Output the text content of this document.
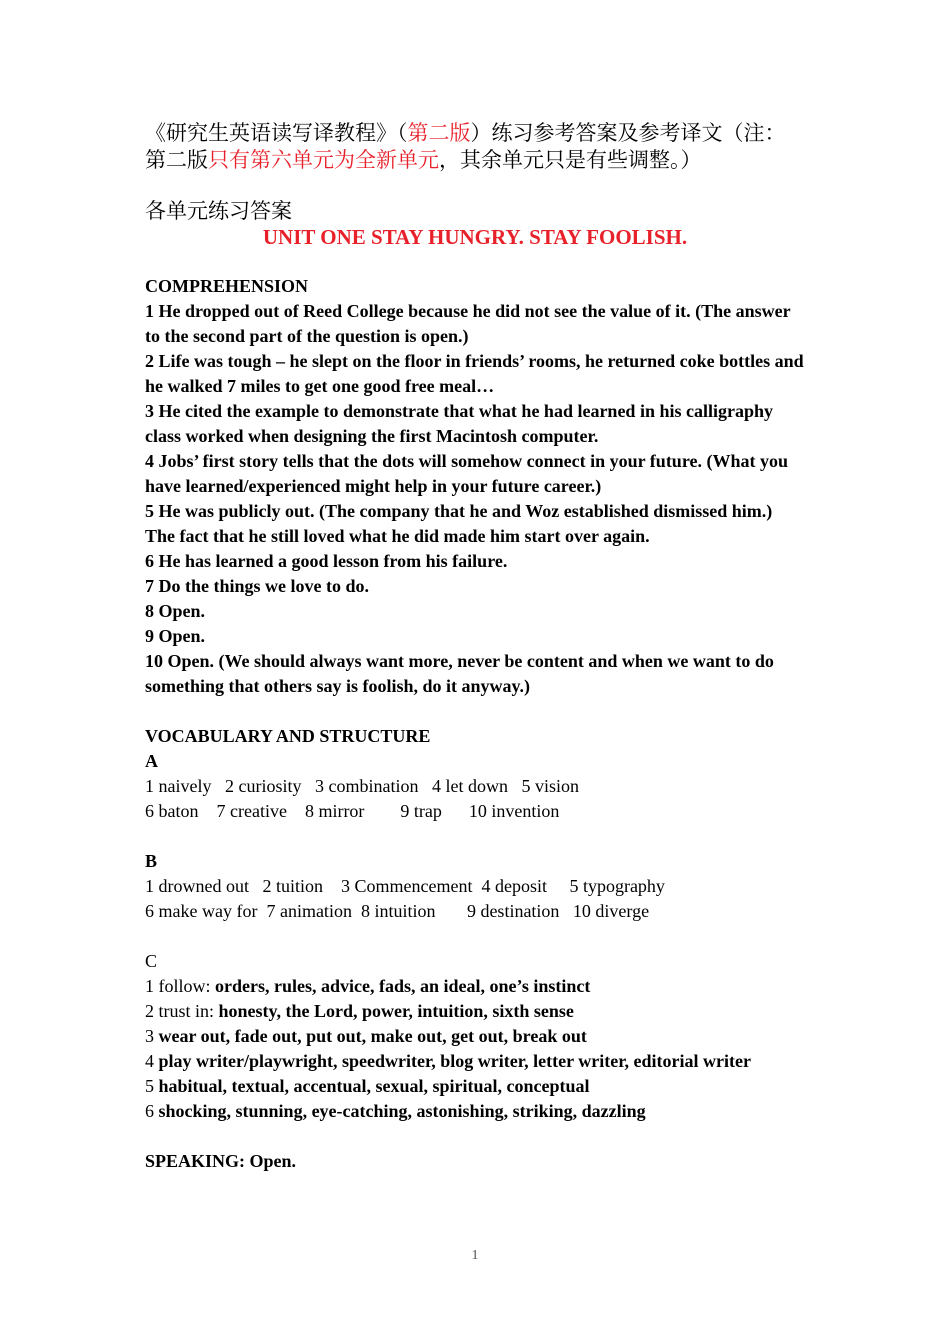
《研究生英语读写译教程》（第二版）练习参考答案及参考译文（注：第二版只有第六单元为全新单元，其余单元只是有些调整。）

各单元练习答案

UNIT ONE STAY HUNGRY. STAY FOOLISH.

COMPREHENSION

1 He dropped out of Reed College because he did not see the value of it. (The answer to the second part of the question is open.)

2 Life was tough – he slept on the floor in friends’ rooms, he returned coke bottles and he walked 7 miles to get one good free meal…

3 He cited the example to demonstrate that what he had learned in his calligraphy class worked when designing the first Macintosh computer.

4 Jobs’ first story tells that the dots will somehow connect in your future. (What you have learned/experienced might help in your future career.)

5 He was publicly out. (The company that he and Woz established dismissed him.) The fact that he still loved what he did made him start over again.

6 He has learned a good lesson from his failure.

7 Do the things we love to do.

8 Open.

9 Open.

10 Open. (We should always want more, never be content and when we want to do something that others say is foolish, do it anyway.)

VOCABULARY AND STRUCTURE

A

1 naively   2 curiosity   3 combination   4 let down   5 vision

6 baton    7 creative    8 mirror        9 trap      10 invention

B

1 drowned out   2 tuition    3 Commencement  4 deposit     5 typography

6 make way for  7 animation  8 intuition       9 destination   10 diverge

C

1 follow: orders, rules, advice, fads, an ideal, one’s instinct

2 trust in: honesty, the Lord, power, intuition, sixth sense

3 wear out, fade out, put out, make out, get out, break out

4 play writer/playwright, speedwriter, blog writer, letter writer, editorial writer

5 habitual, textual, accentual, sexual, spiritual, conceptual

6 shocking, stunning, eye-catching, astonishing, striking, dazzling

SPEAKING: Open.

1
